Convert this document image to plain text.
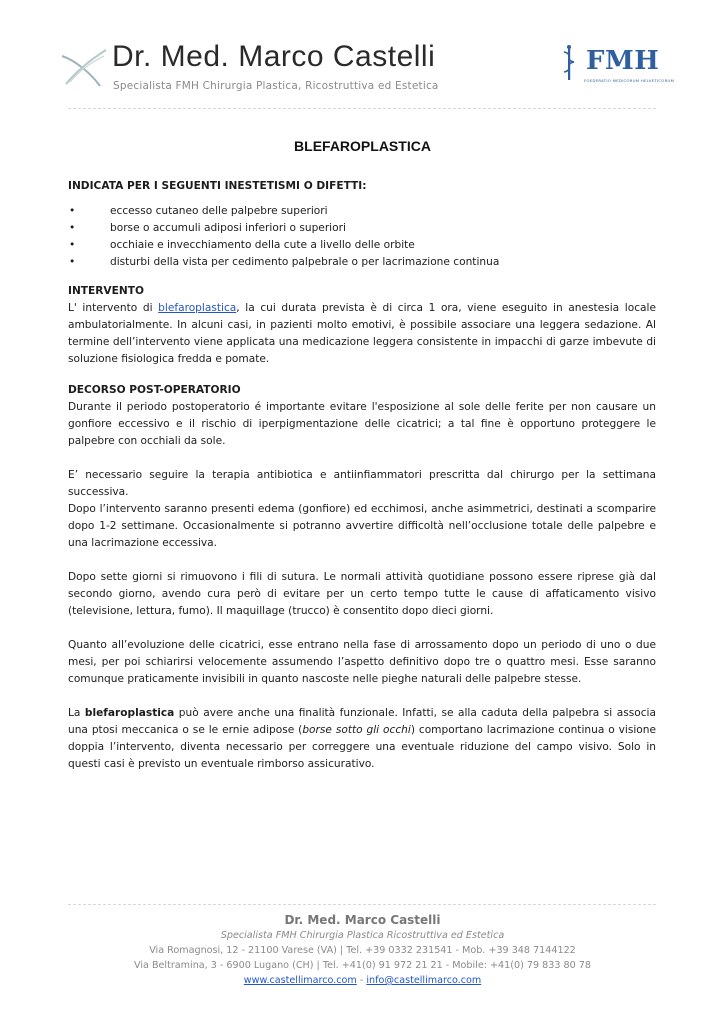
Dr. Med. Marco Castelli
Specialista FMH Chirurgia Plastica, Ricostruttiva ed Estetica
FMH
FOEDERATIO MEDICORUM HELVETICORUM
BLEFAROPLASTICA

INDICATA PER I SEGUENTI INESTETISMI O DIFETTI:

•	eccesso cutaneo delle palpebre superiori
•	borse o accumuli adiposi inferiori o superiori
•	occhiaie e invecchiamento della cute a livello delle orbite
•	disturbi della vista per cedimento palpebrale o per lacrimazione continua

INTERVENTO

L' intervento di blefaroplastica, la cui durata prevista è di circa 1 ora, viene eseguito in anestesia locale ambulatorialmente. In alcuni casi, in pazienti molto emotivi, è possibile associare una leggera sedazione. Al termine dell’intervento viene applicata una medicazione leggera consistente in impacchi di garze imbevute di soluzione fisiologica fredda e pomate.

DECORSO POST-OPERATORIO

Durante il periodo postoperatorio é importante evitare l'esposizione al sole delle ferite per non causare un gonfiore eccessivo e il rischio di iperpigmentazione delle cicatrici; a tal fine è opportuno proteggere le palpebre con occhiali da sole.

E’ necessario seguire la terapia antibiotica e antiinfiammatori prescritta dal chirurgo per la settimana successiva.

Dopo l’intervento saranno presenti edema (gonfiore) ed ecchimosi, anche asimmetrici, destinati a scomparire dopo 1-2 settimane. Occasionalmente si potranno avvertire difficoltà nell’occlusione totale delle palpebre e una lacrimazione eccessiva.

Dopo sette giorni si rimuovono i fili di sutura. Le normali attività quotidiane possono essere riprese già dal secondo giorno, avendo cura però di evitare per un certo tempo tutte le cause di affaticamento visivo (televisione, lettura, fumo). Il maquillage (trucco) è consentito dopo dieci giorni.

Quanto all’evoluzione delle cicatrici, esse entrano nella fase di arrossamento dopo un periodo di uno o due mesi, per poi schiarirsi velocemente assumendo l’aspetto definitivo dopo tre o quattro mesi. Esse saranno comunque praticamente invisibili in quanto nascoste nelle pieghe naturali delle palpebre stesse.

La blefaroplastica può avere anche una finalità funzionale. Infatti, se alla caduta della palpebra si associa una ptosi meccanica o se le ernie adipose (borse sotto gli occhi) comportano lacrimazione continua o visione doppia l’intervento, diventa necessario per correggere una eventuale riduzione del campo visivo. Solo in questi casi è previsto un eventuale rimborso assicurativo.

Dr. Med. Marco Castelli
Specialista FMH Chirurgia Plastica Ricostruttiva ed Estetica
Via Romagnosi, 12 - 21100 Varese (VA) | Tel. +39 0332 231541 - Mob. +39 348 7144122
Via Beltramina, 3 - 6900 Lugano (CH) | Tel. +41(0) 91 972 21 21 - Mobile: +41(0) 79 833 80 78
www.castellimarco.com - info@castellimarco.com
